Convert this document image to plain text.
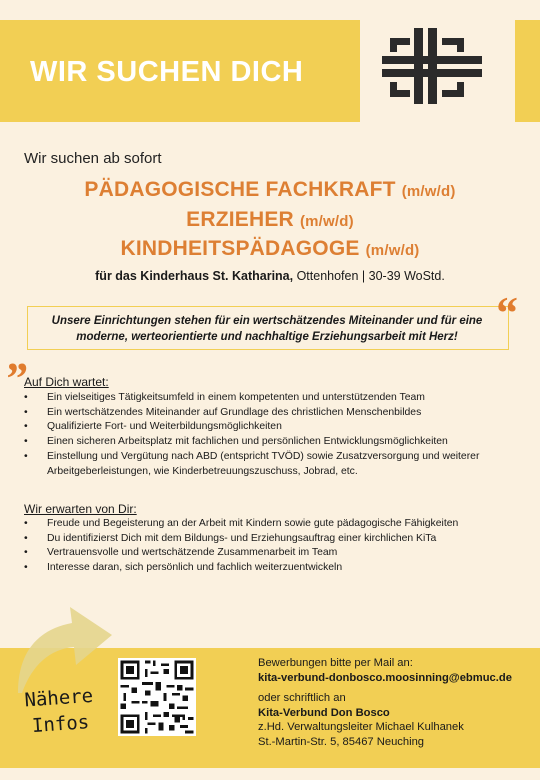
WIR SUCHEN DICH
Wir suchen ab sofort
PÄDAGOGISCHE FACHKRAFT (m/w/d)
ERZIEHER (m/w/d)
KINDHEITSPÄDAGOGE (m/w/d)
für das Kinderhaus St. Katharina, Ottenhofen | 30-39 WoStd.
“
„
Unsere Einrichtungen stehen für ein wertschätzendes Miteinander und für eine
moderne, werteorientierte und nachhaltige Erziehungsarbeit mit Herz!
Auf Dich wartet:
• Ein vielseitiges Tätigkeitsumfeld in einem kompetenten und unterstützenden Team
• Ein wertschätzendes Miteinander auf Grundlage des christlichen Menschenbildes
• Qualifizierte Fort- und Weiterbildungsmöglichkeiten
• Einen sicheren Arbeitsplatz mit fachlichen und persönlichen Entwicklungsmöglichkeiten
• Einstellung und Vergütung nach ABD (entspricht TVÖD) sowie Zusatzversorgung und weiterer Arbeitgeberleistungen, wie Kinderbetreuungszuschuss, Jobrad, etc.
Wir erwarten von Dir:
• Freude und Begeisterung an der Arbeit mit Kindern sowie gute pädagogische Fähigkeiten
• Du identifizierst Dich mit dem Bildungs- und Erziehungsauftrag einer kirchlichen KiTa
• Vertrauensvolle und wertschätzende Zusammenarbeit im Team
• Interesse daran, sich persönlich und fachlich weiterzuentwickeln
Nähere
Infos
Bewerbungen bitte per Mail an:
kita-verbund-donbosco.moosinning@ebmuc.de
oder schriftlich an
Kita-Verbund Don Bosco
z.Hd. Verwaltungsleiter Michael Kulhanek
St.-Martin-Str. 5, 85467 Neuching
